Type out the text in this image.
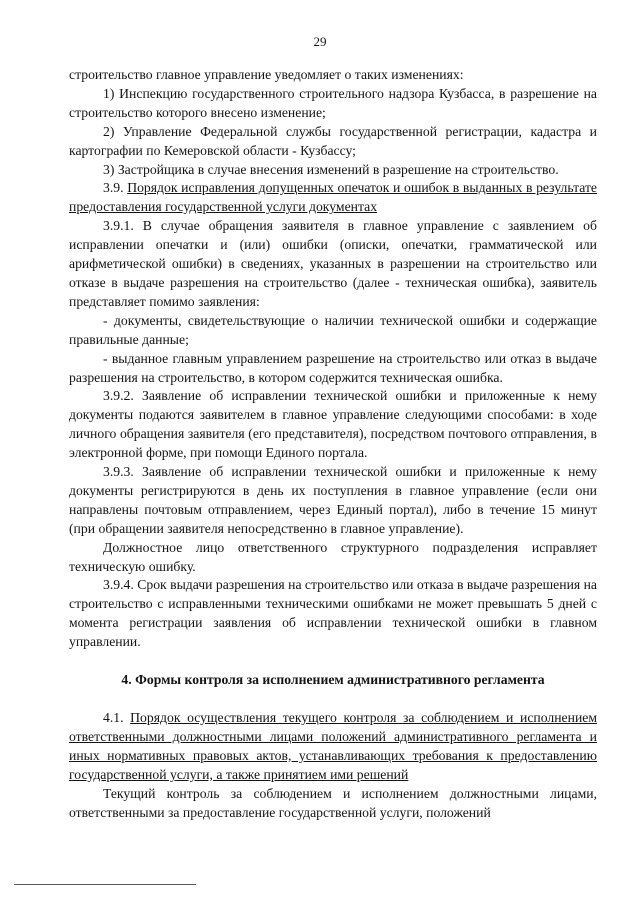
29

строительство главное управление уведомляет о таких изменениях:

1) Инспекцию государственного строительного надзора Кузбасса, в разрешение на строительство которого внесено изменение;

2) Управление Федеральной службы государственной регистрации, кадастра и картографии по Кемеровской области - Кузбассу;

3) Застройщика в случае внесения изменений в разрешение на строительство.

3.9. Порядок исправления допущенных опечаток и ошибок в выданных в результате предоставления государственной услуги документах

3.9.1. В случае обращения заявителя в главное управление с заявлением об исправлении опечатки и (или) ошибки (описки, опечатки, грамматической или арифметической ошибки) в сведениях, указанных в разрешении на строительство или отказе в выдаче разрешения на строительство (далее - техническая ошибка), заявитель представляет помимо заявления:

- документы, свидетельствующие о наличии технической ошибки и содержащие правильные данные;

- выданное главным управлением разрешение на строительство или отказ в выдаче разрешения на строительство, в котором содержится техническая ошибка.

3.9.2. Заявление об исправлении технической ошибки и приложенные к нему документы подаются заявителем в главное управление следующими способами: в ходе личного обращения заявителя (его представителя), посредством почтового отправления, в электронной форме, при помощи Единого портала.

3.9.3. Заявление об исправлении технической ошибки и приложенные к нему документы регистрируются в день их поступления в главное управление (если они направлены почтовым отправлением, через Единый портал), либо в течение 15 минут (при обращении заявителя непосредственно в главное управление).

Должностное лицо ответственного структурного подразделения исправляет техническую ошибку.

3.9.4. Срок выдачи разрешения на строительство или отказа в выдаче разрешения на строительство с исправленными техническими ошибками не может превышать 5 дней с момента регистрации заявления об исправлении технической ошибки в главном управлении.

4. Формы контроля за исполнением административного регламента

4.1. Порядок осуществления текущего контроля за соблюдением и исполнением ответственными должностными лицами положений административного регламента и иных нормативных правовых актов, устанавливающих требования к предоставлению государственной услуги, а также принятием ими решений

Текущий контроль за соблюдением и исполнением должностными лицами, ответственными за предоставление государственной услуги, положений
